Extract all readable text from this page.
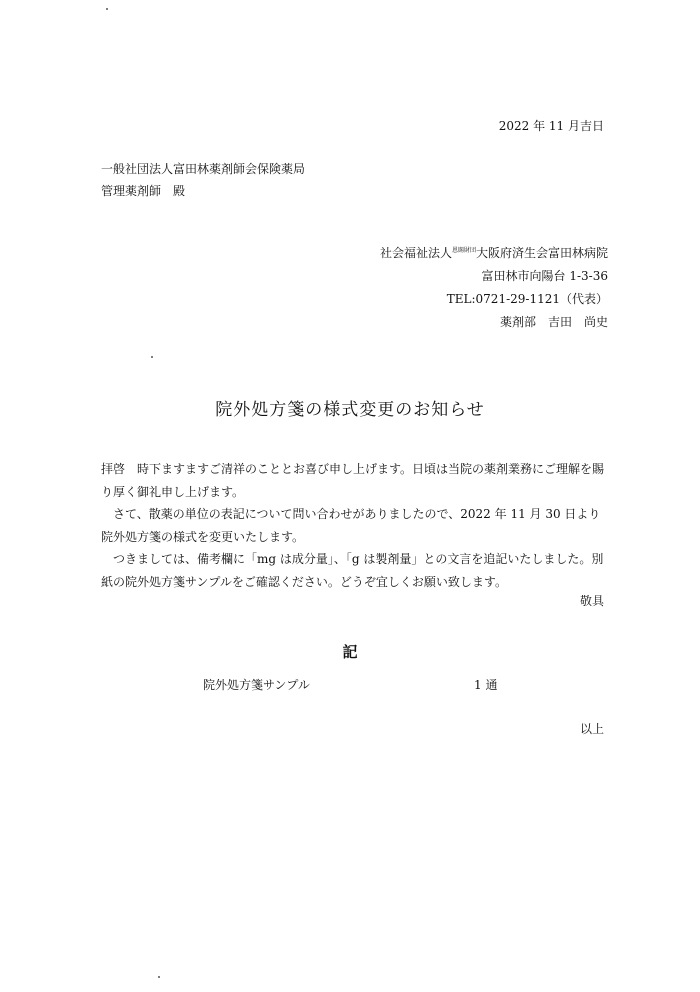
2022 年 11 月吉日
一般社団法人富田林薬剤師会保険薬局
管理薬剤師　殿
社会福祉法人$^{恩賜財団}$大阪府済生会富田林病院
富田林市向陽台 1-3-36
TEL:0721-29-1121（代表）
薬剤部　吉田　尚史
院外処方箋の様式変更のお知らせ
拝啓　時下ますますご清祥のこととお喜び申し上げます。日頃は当院の薬剤業務にご理解を賜り厚く御礼申し上げます。
さて、散薬の単位の表記について問い合わせがありましたので、2022 年 11 月 30 日より院外処方箋の様式を変更いたします。
つきましては、備考欄に「mg は成分量」、「g は製剤量」との文言を追記いたしました。別紙の院外処方箋サンプルをご確認ください。どうぞ宜しくお願い致します。
敬具
記
院外処方箋サンプル	1 通
以上
